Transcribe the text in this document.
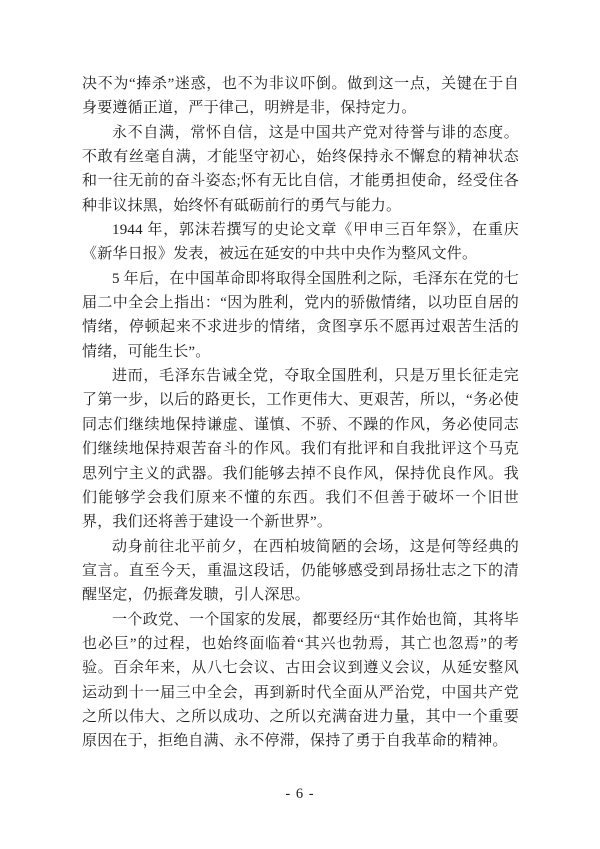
决不为“捧杀”迷惑，也不为非议吓倒。做到这一点，关键在于自身要遵循正道，严于律己，明辨是非，保持定力。

永不自满，常怀自信，这是中国共产党对待誉与诽的态度。不敢有丝毫自满，才能坚守初心，始终保持永不懈怠的精神状态和一往无前的奋斗姿态;怀有无比自信，才能勇担使命，经受住各种非议抹黑，始终怀有砥砺前行的勇气与能力。

1944 年，郭沫若撰写的史论文章《甲申三百年祭》，在重庆《新华日报》发表，被远在延安的中共中央作为整风文件。

5 年后，在中国革命即将取得全国胜利之际，毛泽东在党的七届二中全会上指出：“因为胜利，党内的骄傲情绪，以功臣自居的情绪，停顿起来不求进步的情绪，贪图享乐不愿再过艰苦生活的情绪，可能生长”。

进而，毛泽东告诫全党，夺取全国胜利，只是万里长征走完了第一步，以后的路更长，工作更伟大、更艰苦，所以，“务必使同志们继续地保持谦虚、谨慎、不骄、不躁的作风，务必使同志们继续地保持艰苦奋斗的作风。我们有批评和自我批评这个马克思列宁主义的武器。我们能够去掉不良作风，保持优良作风。我们能够学会我们原来不懂的东西。我们不但善于破坏一个旧世界，我们还将善于建设一个新世界”。

动身前往北平前夕，在西柏坡简陋的会场，这是何等经典的宣言。直至今天，重温这段话，仍能够感受到昂扬壮志之下的清醒坚定，仍振聋发聩，引人深思。

一个政党、一个国家的发展，都要经历“其作始也简，其将毕也必巨”的过程，也始终面临着“其兴也勃焉，其亡也忽焉”的考验。百余年来，从八七会议、古田会议到遵义会议，从延安整风运动到十一届三中全会，再到新时代全面从严治党，中国共产党之所以伟大、之所以成功、之所以充满奋进力量，其中一个重要原因在于，拒绝自满、永不停滞，保持了勇于自我革命的精神。

- 6 -
